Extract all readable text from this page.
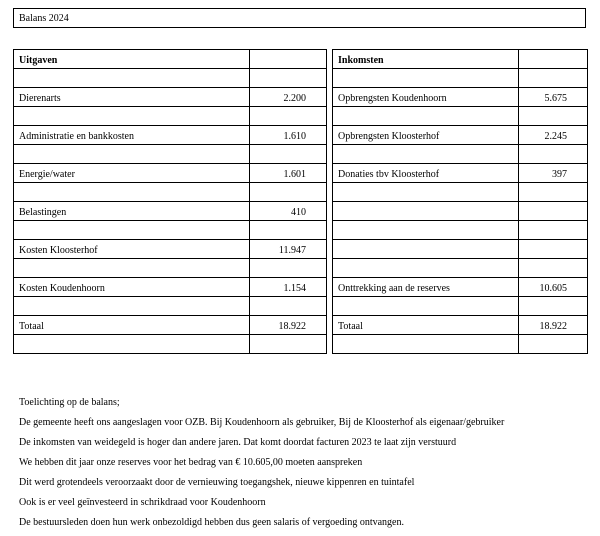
Balans 2024
Uitgaven	

Dierenarts	2.200

Administratie en bankkosten	1.610

Energie/water	1.601

Belastingen	410

Kosten Kloosterhof	11.947

Kosten Koudenhoorn	1.154

Totaal	18.922

Inkomsten	

Opbrengsten Koudenhoorn	5.675

Opbrengsten Kloosterhof	2.245

Donaties tbv Kloosterhof	397

Onttrekking aan de reserves	10.605

Totaal	18.922

Toelichting op de balans;
De gemeente heeft ons aangeslagen voor OZB. Bij Koudenhoorn als gebruiker, Bij de Kloosterhof als eigenaar/gebruiker
De inkomsten van weidegeld is hoger dan andere jaren. Dat komt doordat facturen 2023 te laat zijn verstuurd
We hebben dit jaar onze reserves voor het bedrag van € 10.605,00 moeten aanspreken
Dit werd grotendeels veroorzaakt door de vernieuwing toegangshek, nieuwe kippenren en tuintafel
Ook is er veel geïnvesteerd in schrikdraad voor Koudenhoorn
De bestuursleden doen hun werk onbezoldigd hebben dus geen salaris of vergoeding ontvangen.
